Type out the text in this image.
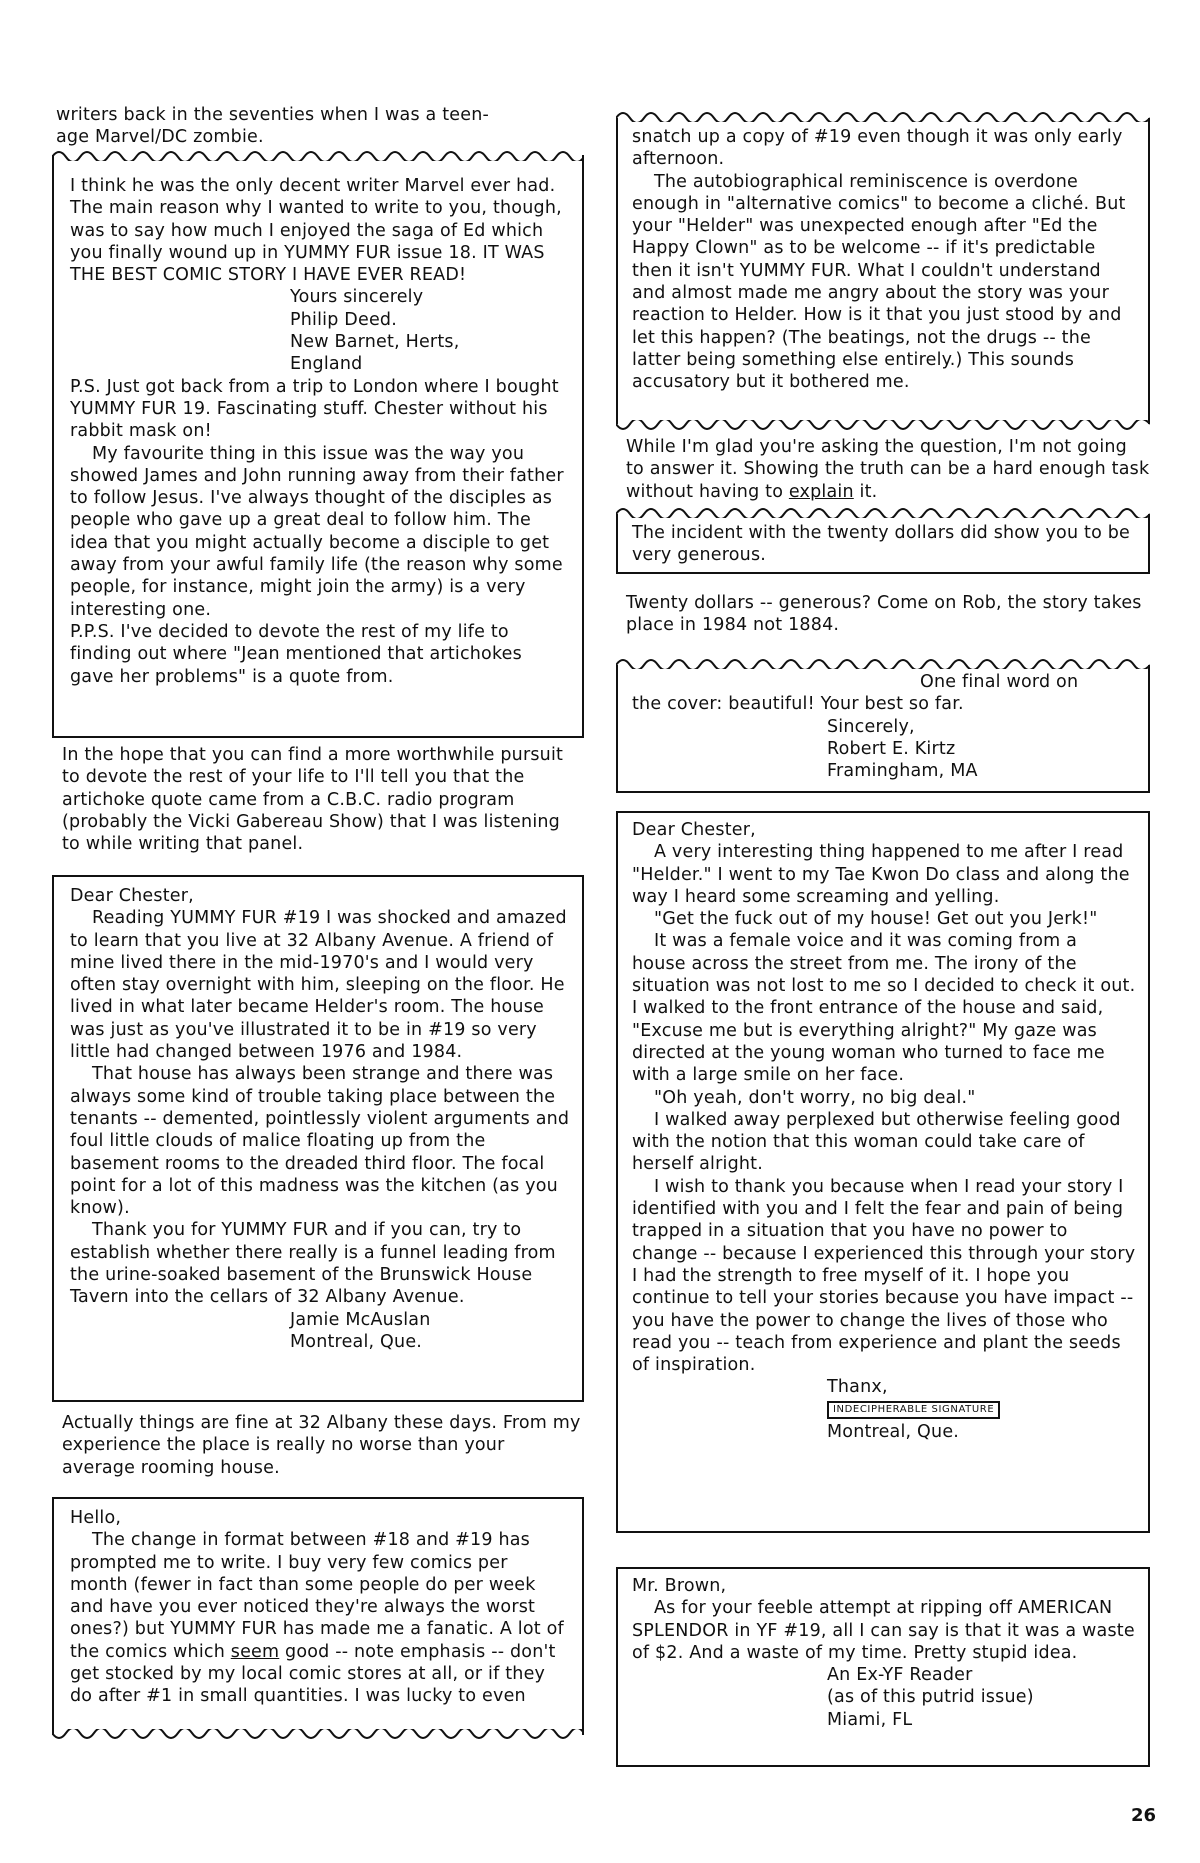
writers back in the seventies when I was a teen-

age Marvel/DC zombie.

I think he was the only decent writer Marvel ever had. The main reason why I wanted to write to you, though, was to say how much I enjoyed the saga of Ed which you finally wound up in YUMMY FUR issue 18. IT WAS THE BEST COMIC STORY I HAVE EVER READ!

Yours sincerely

Philip Deed.

New Barnet, Herts,

England

P.S. Just got back from a trip to London where I bought YUMMY FUR 19. Fascinating stuff. Chester without his rabbit mask on!

My favourite thing in this issue was the way you showed James and John running away from their father to follow Jesus. I've always thought of the disciples as people who gave up a great deal to follow him. The idea that you might actually become a disciple to get away from your awful family life (the reason why some people, for instance, might join the army) is a very interesting one.

P.P.S. I've decided to devote the rest of my life to finding out where "Jean mentioned that artichokes gave her problems" is a quote from.

In the hope that you can find a more worthwhile pursuit to devote the rest of your life to I'll tell you that the artichoke quote came from a C.B.C. radio program (probably the Vicki Gabereau Show) that I was listening to while writing that panel.

Dear Chester,

Reading YUMMY FUR #19 I was shocked and amazed to learn that you live at 32 Albany Avenue. A friend of mine lived there in the mid-1970's and I would very often stay overnight with him, sleeping on the floor. He lived in what later became Helder's room. The house was just as you've illustrated it to be in #19 so very little had changed between 1976 and 1984.

That house has always been strange and there was always some kind of trouble taking place between the tenants -- demented, pointlessly violent arguments and foul little clouds of malice floating up from the basement rooms to the dreaded third floor. The focal point for a lot of this madness was the kitchen (as you know).

Thank you for YUMMY FUR and if you can, try to establish whether there really is a funnel leading from the urine-soaked basement of the Brunswick House Tavern into the cellars of 32 Albany Avenue.

Jamie McAuslan

Montreal, Que.

Actually things are fine at 32 Albany these days. From my experience the place is really no worse than your average rooming house.

Hello,

The change in format between #18 and #19 has prompted me to write. I buy very few comics per month (fewer in fact than some people do per week and have you ever noticed they're always the worst ones?) but YUMMY FUR has made me a fanatic. A lot of the comics which seem good -- note emphasis -- don't get stocked by my local comic stores at all, or if they do after #1 in small quantities. I was lucky to even

snatch up a copy of #19 even though it was only early afternoon.

The autobiographical reminiscence is overdone enough in "alternative comics" to become a cliché. But your "Helder" was unexpected enough after "Ed the Happy Clown" as to be welcome -- if it's predictable then it isn't YUMMY FUR. What I couldn't understand and almost made me angry about the story was your reaction to Helder. How is it that you just stood by and let this happen? (The beatings, not the drugs -- the latter being something else entirely.) This sounds accusatory but it bothered me.

While I'm glad you're asking the question, I'm not going to answer it. Showing the truth can be a hard enough task without having to explain it.

The incident with the twenty dollars did show you to be very generous.

Twenty dollars -- generous? Come on Rob, the story takes place in 1984 not 1884.

One final word on

the cover: beautiful! Your best so far.

Sincerely,

Robert E. Kirtz

Framingham, MA

Dear Chester,

A very interesting thing happened to me after I read "Helder." I went to my Tae Kwon Do class and along the way I heard some screaming and yelling.

"Get the fuck out of my house! Get out you Jerk!"

It was a female voice and it was coming from a house across the street from me. The irony of the situation was not lost to me so I decided to check it out. I walked to the front entrance of the house and said, "Excuse me but is everything alright?" My gaze was directed at the young woman who turned to face me with a large smile on her face.

"Oh yeah, don't worry, no big deal."

I walked away perplexed but otherwise feeling good with the notion that this woman could take care of herself alright.

I wish to thank you because when I read your story I identified with you and I felt the fear and pain of being trapped in a situation that you have no power to change -- because I experienced this through your story I had the strength to free myself of it. I hope you continue to tell your stories because you have impact -- you have the power to change the lives of those who read you -- teach from experience and plant the seeds of inspiration.

Thanx,

INDECIPHERABLE SIGNATURE

Montreal, Que.

Mr. Brown,

As for your feeble attempt at ripping off AMERICAN SPLENDOR in YF #19, all I can say is that it was a waste of $2. And a waste of my time. Pretty stupid idea.

An Ex-YF Reader

(as of this putrid issue)

Miami, FL

26
